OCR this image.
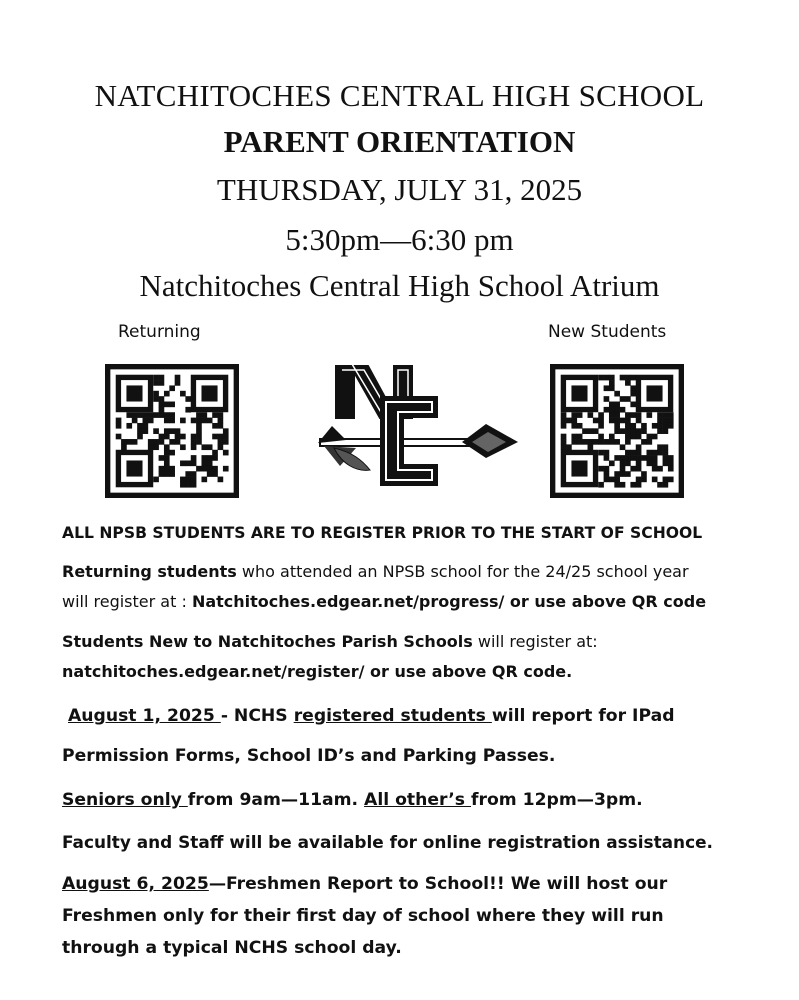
NATCHITOCHES CENTRAL HIGH SCHOOL
PARENT ORIENTATION
THURSDAY, JULY 31, 2025
5:30pm—6:30 pm
Natchitoches Central High School Atrium
Returning	New Students
NC
ALL NPSB STUDENTS ARE TO REGISTER PRIOR TO THE START OF SCHOOL
Returning students who attended an NPSB school for the 24/25 school year
will register at : Natchitoches.edgear.net/progress/ or use above QR code
Students New to Natchitoches Parish Schools will register at:
natchitoches.edgear.net/register/ or use above QR code.
August 1, 2025 - NCHS registered students will report for IPad
Permission Forms, School ID’s and Parking Passes.
Seniors only from 9am—11am. All other’s from 12pm—3pm.
Faculty and Staff will be available for online registration assistance.
August 6, 2025—Freshmen Report to School!! We will host our
Freshmen only for their first day of school where they will run
through a typical NCHS school day.
